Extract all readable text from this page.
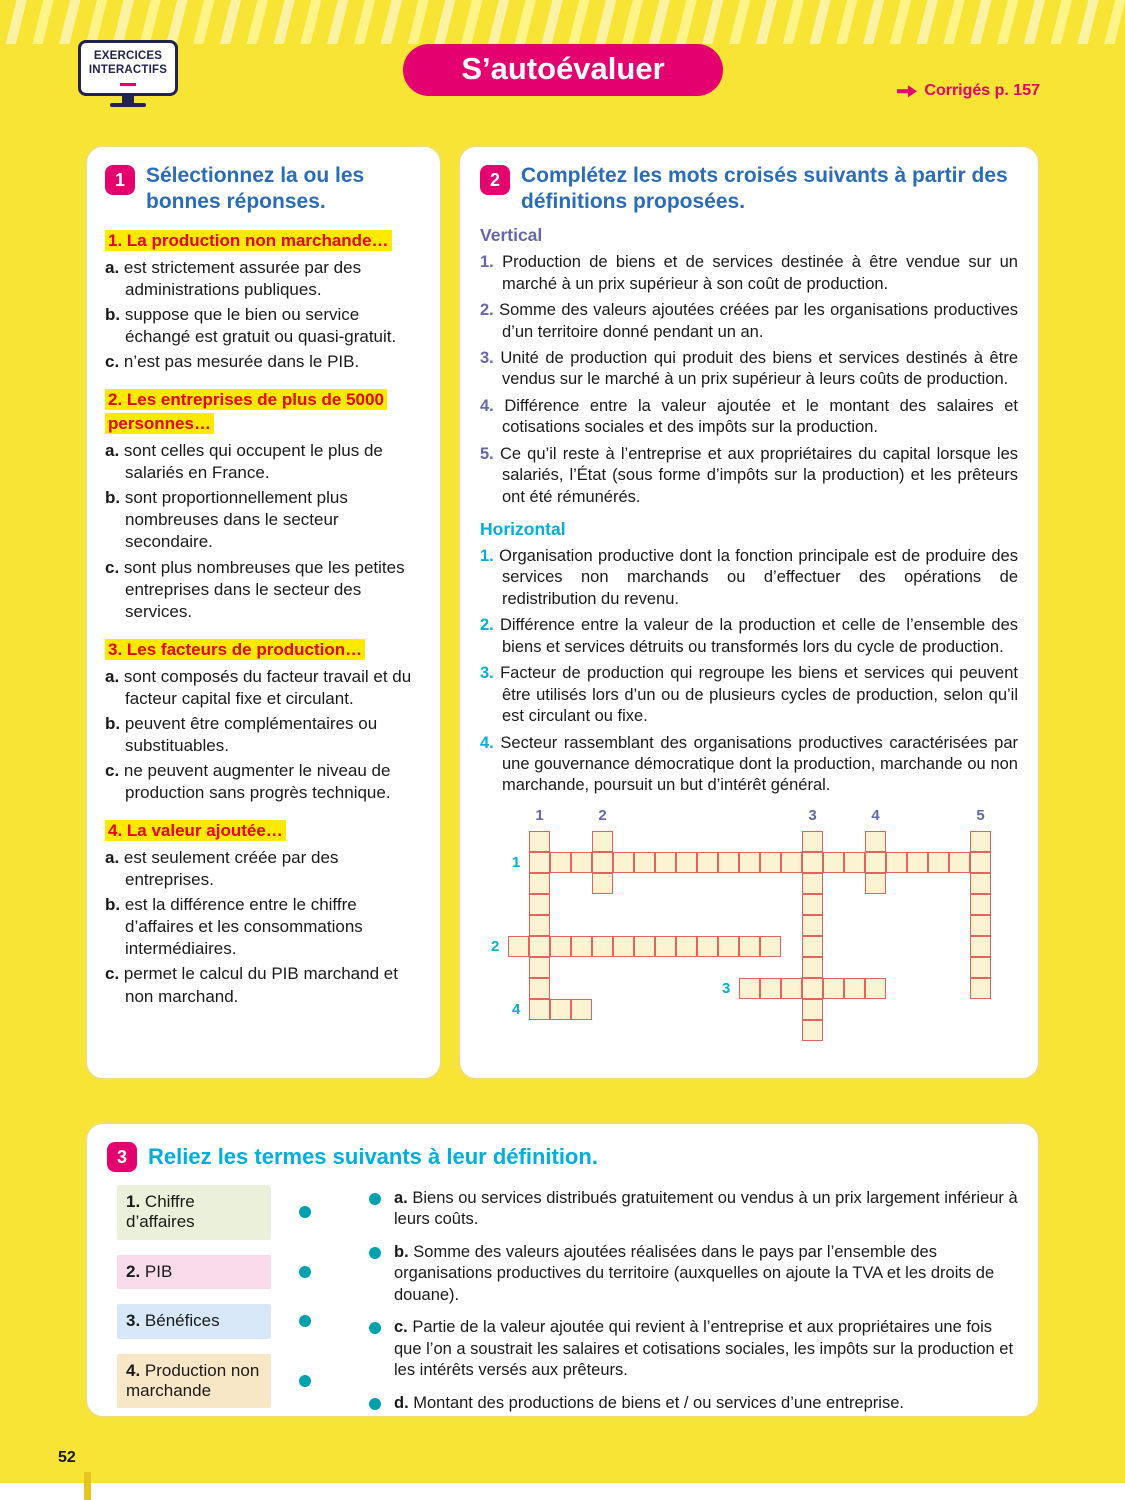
EXERCICES
INTERACTIFS	S’autoévaluer
Corrigés p. 157
1	Sélectionnez la ou les bonnes réponses.
1. La production non marchande…
a. est strictement assurée par des administrations publiques.
b. suppose que le bien ou service échangé est gratuit ou quasi-gratuit.
c. n’est pas mesurée dans le PIB.
2. Les entreprises de plus de 5000 personnes…
a. sont celles qui occupent le plus de salariés en France.
b. sont proportionnellement plus nombreuses dans le secteur secondaire.
c. sont plus nombreuses que les petites entreprises dans le secteur des services.
3. Les facteurs de production…
a. sont composés du facteur travail et du facteur capital fixe et circulant.
b. peuvent être complémentaires ou substituables.
c. ne peuvent augmenter le niveau de production sans progrès technique.
4. La valeur ajoutée…
a. est seulement créée par des entreprises.
b. est la différence entre le chiffre d’affaires et les consommations intermédiaires.
c. permet le calcul du PIB marchand et non marchand.
2	Complétez les mots croisés suivants à partir des définitions proposées.
Vertical
1. Production de biens et de services destinée à être vendue sur un marché à un prix supérieur à son coût de production.
2. Somme des valeurs ajoutées créées par les organisations productives d’un territoire donné pendant un an.
3. Unité de production qui produit des biens et services destinés à être vendus sur le marché à un prix supérieur à leurs coûts de production.
4. Différence entre la valeur ajoutée et le montant des salaires et cotisations sociales et des impôts sur la production.
5. Ce qu’il reste à l’entreprise et aux propriétaires du capital lorsque les salariés, l’État (sous forme d’impôts sur la production) et les prêteurs ont été rémunérés.
Horizontal
1. Organisation productive dont la fonction principale est de produire des services non marchands ou d’effectuer des opérations de redistribution du revenu.
2. Différence entre la valeur de la production et celle de l’ensemble des biens et services détruits ou transformés lors du cycle de production.
3. Facteur de production qui regroupe les biens et services qui peuvent être utilisés lors d’un ou de plusieurs cycles de production, selon qu’il est circulant ou fixe.
4. Secteur rassemblant des organisations productives caractérisées par une gouvernance démocratique dont la production, marchande ou non marchande, poursuit un but d’intérêt général.
1	2	3	4	5
1
2
3
4
3 Reliez les termes suivants à leur définition.
1. Chiffre d’affaires
2. PIB
3. Bénéfices
4. Production non marchande
a. Biens ou services distribués gratuitement ou vendus à un prix largement inférieur à leurs coûts.
b. Somme des valeurs ajoutées réalisées dans le pays par l’ensemble des organisations productives du territoire (auxquelles on ajoute la TVA et les droits de douane).
c. Partie de la valeur ajoutée qui revient à l’entreprise et aux propriétaires une fois que l’on a soustrait les salaires et cotisations sociales, les impôts sur la production et les intérêts versés aux prêteurs.
d. Montant des productions de biens et / ou services d’une entreprise.
52
